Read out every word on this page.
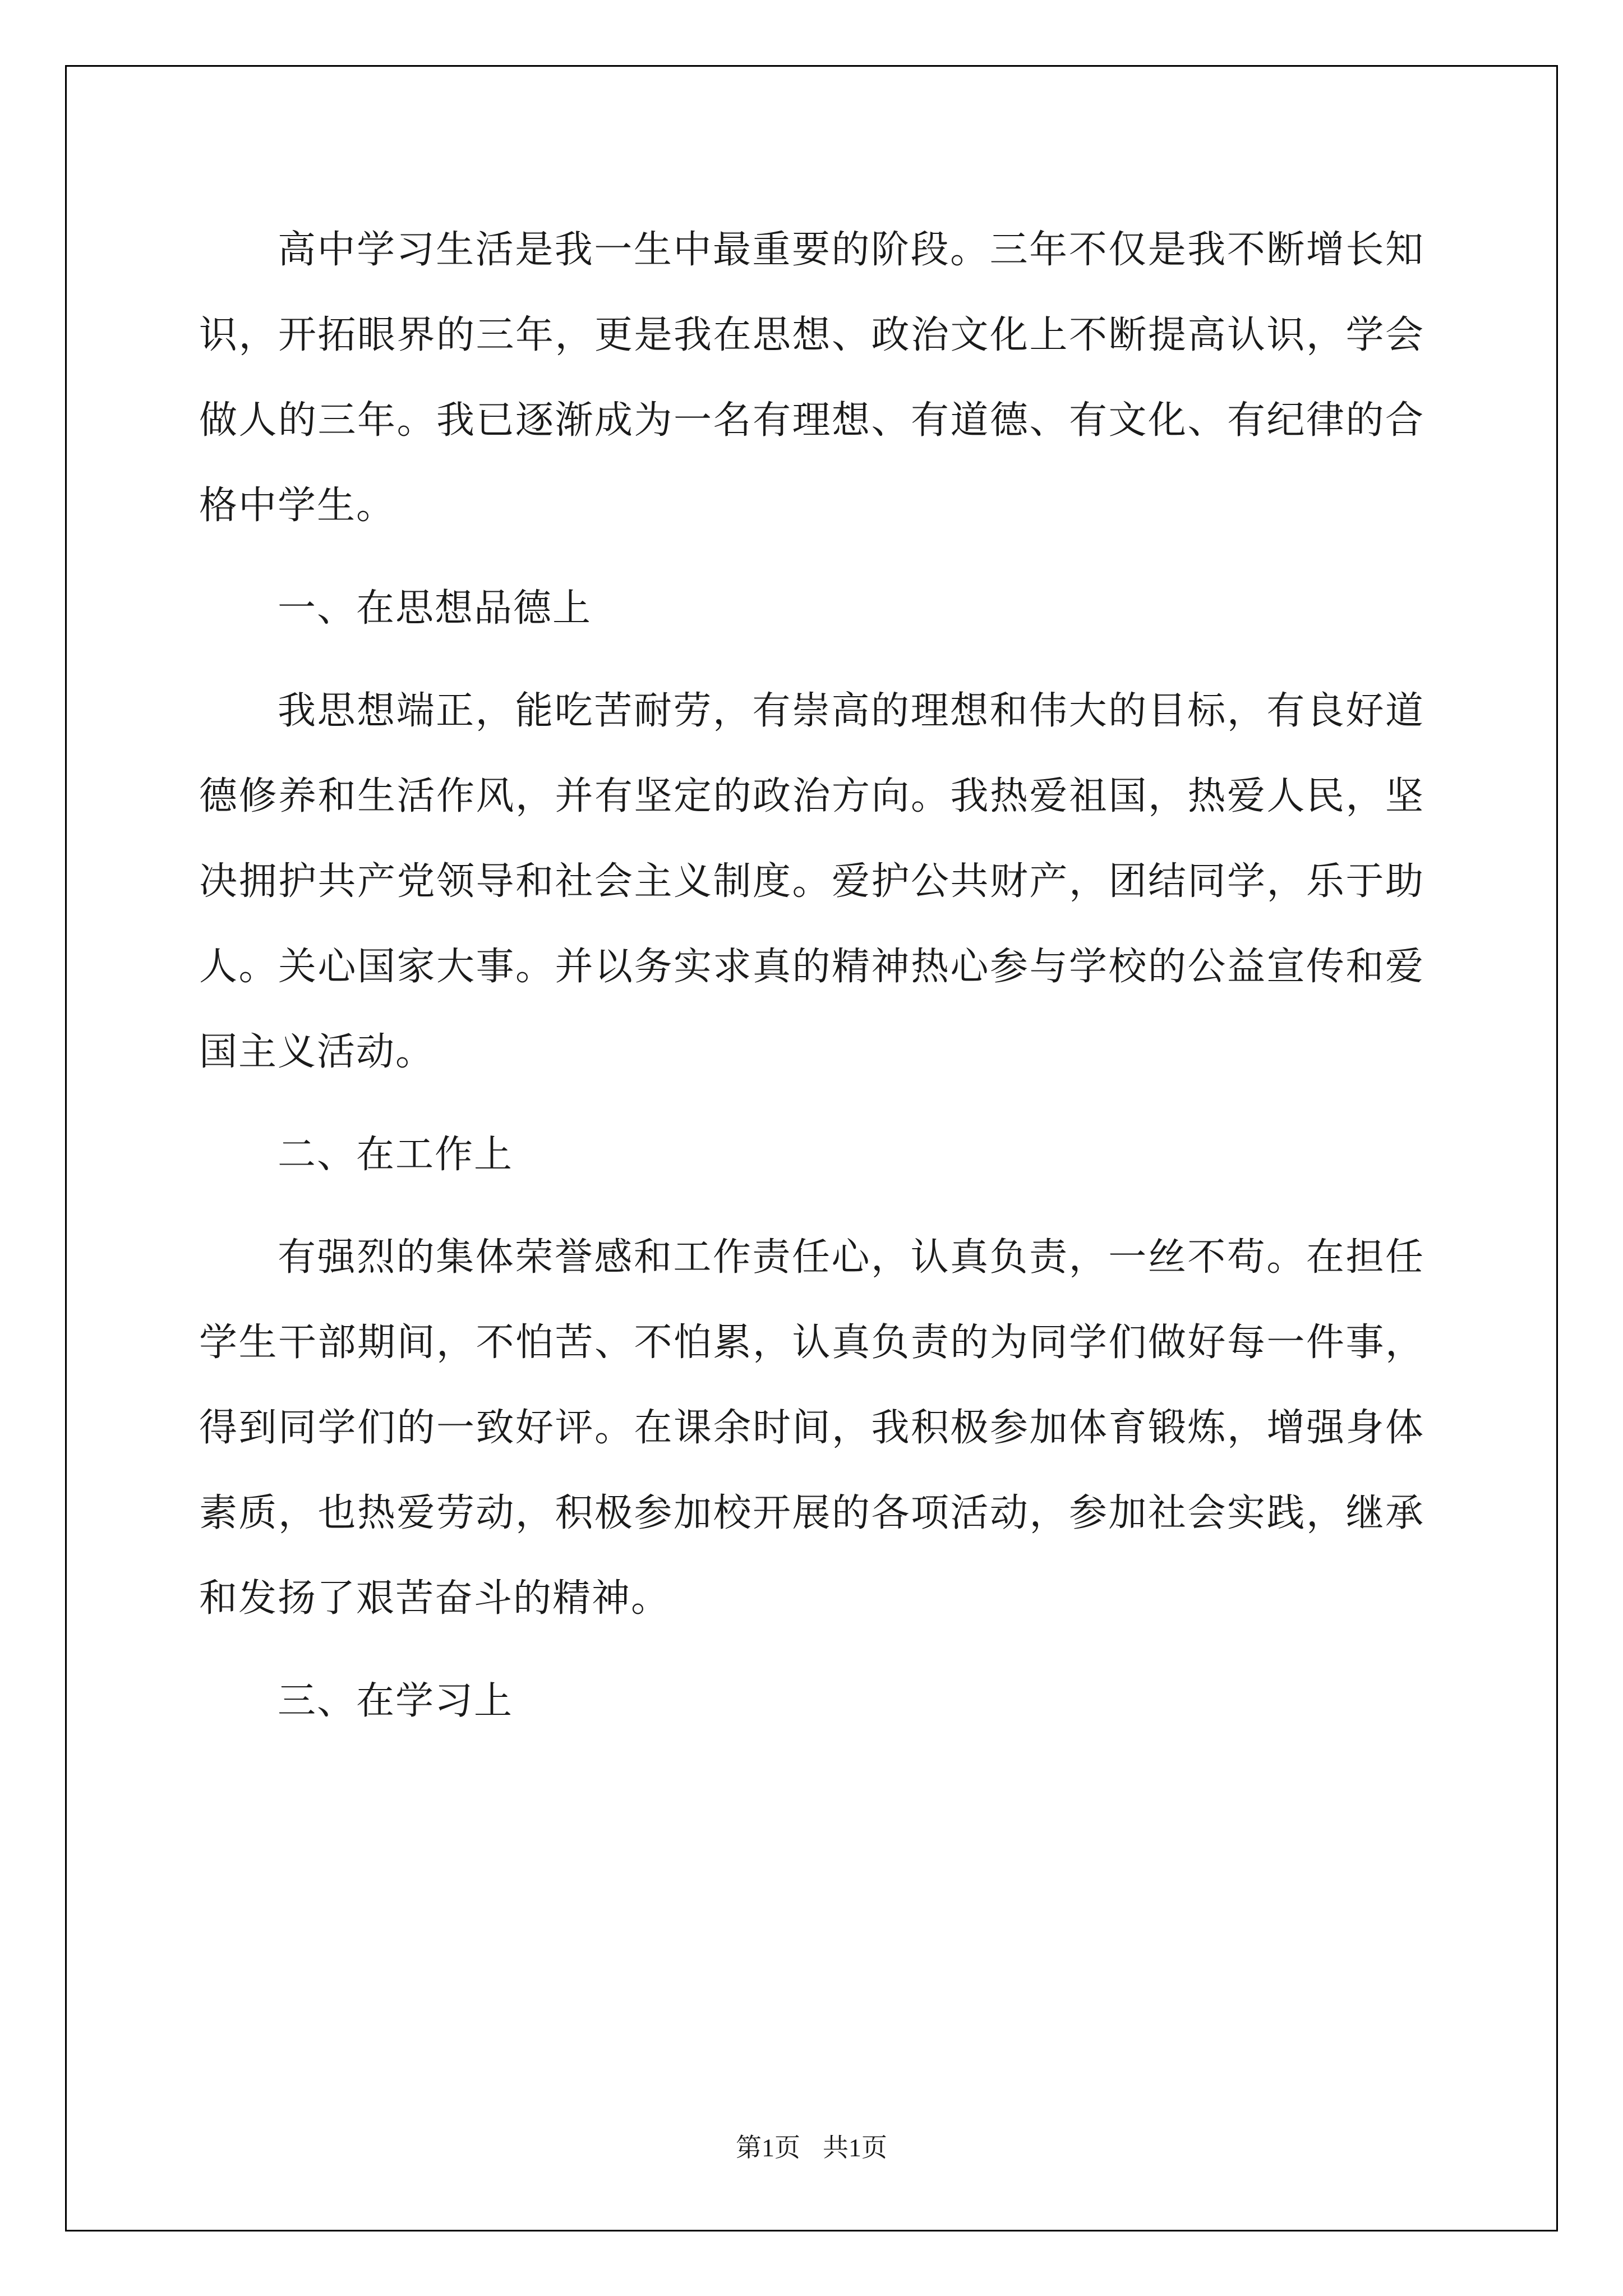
高中学习生活是我一生中最重要的阶段。三年不仅是我不断增长知识，开拓眼界的三年，更是我在思想、政治文化上不断提高认识，学会做人的三年。我已逐渐成为一名有理想、有道德、有文化、有纪律的合格中学生。

一、在思想品德上

我思想端正，能吃苦耐劳，有崇高的理想和伟大的目标，有良好道德修养和生活作风，并有坚定的政治方向。我热爱祖国，热爱人民，坚决拥护共产党领导和社会主义制度。爱护公共财产，团结同学，乐于助人。关心国家大事。并以务实求真的精神热心参与学校的公益宣传和爱国主义活动。

二、在工作上

有强烈的集体荣誉感和工作责任心，认真负责，一丝不苟。在担任学生干部期间，不怕苦、不怕累，认真负责的为同学们做好每一件事，得到同学们的一致好评。在课余时间，我积极参加体育锻炼，增强身体素质，也热爱劳动，积极参加校开展的各项活动，参加社会实践，继承和发扬了艰苦奋斗的精神。

三、在学习上

第1页 共1页
